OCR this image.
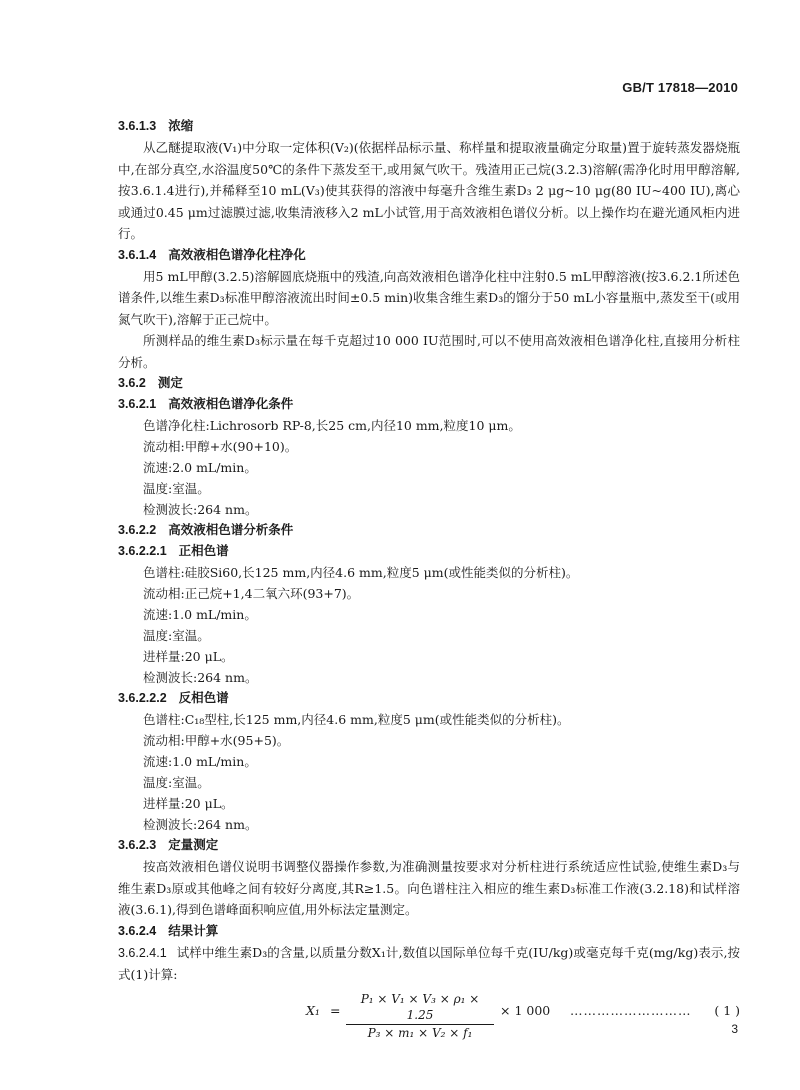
GB/T 17818—2010
3.6.1.3 浓缩

从乙醚提取液(V₁)中分取一定体积(V₂)(依据样品标示量、称样量和提取液量确定分取量)置于旋转蒸发器烧瓶中,在部分真空,水浴温度50℃的条件下蒸发至干,或用氮气吹干。残渣用正己烷(3.2.3)溶解(需净化时用甲醇溶解,按3.6.1.4进行),并稀释至10 mL(V₃)使其获得的溶液中每毫升含维生素D₃ 2 μg~10 μg(80 IU~400 IU),离心或通过0.45 μm过滤膜过滤,收集清液移入2 mL小试管,用于高效液相色谱仪分析。以上操作均在避光通风柜内进行。

3.6.1.4 高效液相色谱净化柱净化

用5 mL甲醇(3.2.5)溶解圆底烧瓶中的残渣,向高效液相色谱净化柱中注射0.5 mL甲醇溶液(按3.6.2.1所述色谱条件,以维生素D₃标准甲醇溶液流出时间±0.5 min)收集含维生素D₃的馏分于50 mL小容量瓶中,蒸发至干(或用氮气吹干),溶解于正己烷中。

所测样品的维生素D₃标示量在每千克超过10 000 IU范围时,可以不使用高效液相色谱净化柱,直接用分析柱分析。

3.6.2 测定
3.6.2.1 高效液相色谱净化条件
色谱净化柱:Lichrosorb RP-8,长25 cm,内径10 mm,粒度10 μm。
流动相:甲醇+水(90+10)。
流速:2.0 mL/min。
温度:室温。
检测波长:264 nm。
3.6.2.2 高效液相色谱分析条件
3.6.2.2.1 正相色谱
色谱柱:硅胶Si60,长125 mm,内径4.6 mm,粒度5 μm(或性能类似的分析柱)。
流动相:正己烷+1,4二氧六环(93+7)。
流速:1.0 mL/min。
温度:室温。
进样量:20 μL。
检测波长:264 nm。
3.6.2.2.2 反相色谱
色谱柱:C₁₈型柱,长125 mm,内径4.6 mm,粒度5 μm(或性能类似的分析柱)。
流动相:甲醇+水(95+5)。
流速:1.0 mL/min。
温度:室温。
进样量:20 μL。
检测波长:264 nm。
3.6.2.3 定量测定

按高效液相色谱仪说明书调整仪器操作参数,为准确测量按要求对分析柱进行系统适应性试验,使维生素D₃与维生素D₃原或其他峰之间有较好分离度,其R≥1.5。向色谱柱注入相应的维生素D₃标准工作液(3.2.18)和试样溶液(3.6.1),得到色谱峰面积响应值,用外标法定量测定。

3.6.2.4 结果计算

3.6.2.4.1 试样中维生素D₃的含量,以质量分数X₁计,数值以国际单位每千克(IU/kg)或毫克每千克(mg/kg)表示,按式(1)计算:

$X_1 = \frac{\text{P₁ × V₁ × V₃ × ρ₁ × 1.25}}{\text{P₃ × m₁ × V₂ × f₁}} \times 1$ 000 ……………………… ( 1 )
3
